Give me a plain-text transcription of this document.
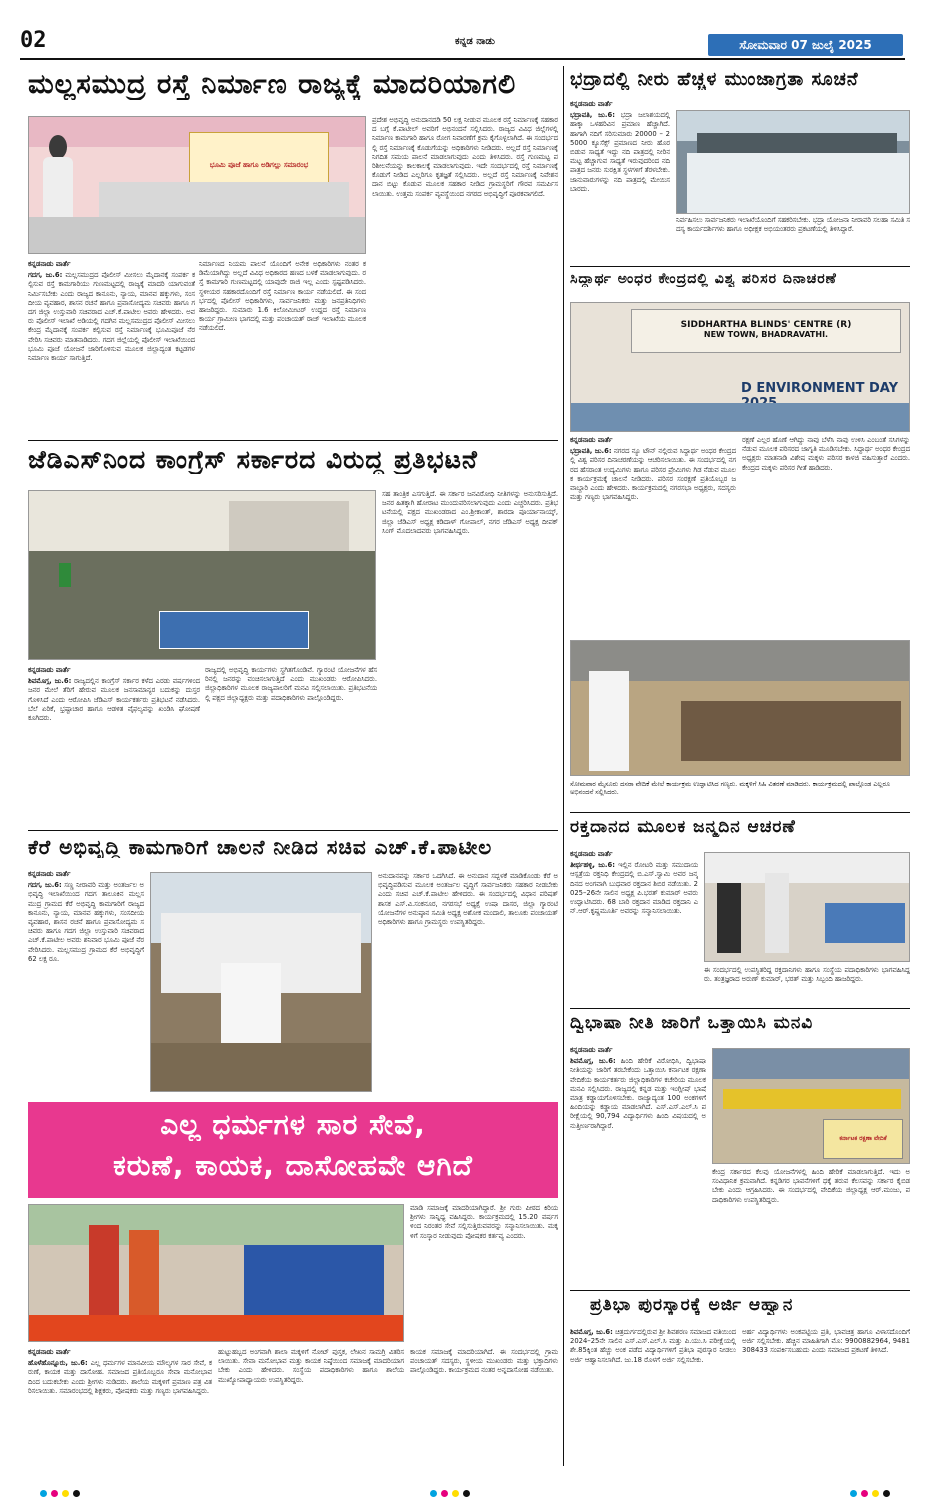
02	ಕನ್ನಡ ನಾಡು	ಸೋಮವಾರ 07 ಜುಲೈ 2025
ಮಲ್ಲಸಮುದ್ರ ರಸ್ತೆ ನಿರ್ಮಾಣ ರಾಜ್ಯಕ್ಕೆ ಮಾದರಿಯಾಗಲಿ
ಭೂಮಿ ಪೂಜೆ ಹಾಗೂ ಅಡಿಗಲ್ಲು ಸಮಾರಂಭ
ಕನ್ನಡನಾಡು ವಾರ್ತೆ
ಗದಗ, ಜು.6: ಮಲ್ಲಸಮುದ್ರದ ಪೊಲೀಸ್ ಮೀಸಲು ಮೈದಾನಕ್ಕೆ ಸಂಪರ್ಕ ಕಲ್ಪಿಸುವ ರಸ್ತೆ ಕಾಮಗಾರಿಯು ಗುಣಮಟ್ಟದಲ್ಲಿ ರಾಜ್ಯಕ್ಕೆ ಮಾದರಿ ಯಾಗುವಂತೆ ನಿರ್ಮಿಸಬೇಕು ಎಂದು ರಾಜ್ಯದ ಕಾನೂನು, ನ್ಯಾಯ, ಮಾನವ ಹಕ್ಕುಗಳು, ಸಂಸದೀಯ ವ್ಯವಹಾರ, ಶಾಸನ ರಚನೆ ಹಾಗೂ ಪ್ರವಾಸೋದ್ಯಮ ಸಚಿವರು ಹಾಗೂ ಗದಗ ಜಿಲ್ಲಾ ಉಸ್ತುವಾರಿ ಸಚಿವರಾದ ಎಚ್.ಕೆ.ಪಾಟೀಲ ಅವರು ಹೇಳಿದರು. ಅವರು ಪೊಲೀಸ್ ಇಲಾಖೆ ಅಡಿಯಲ್ಲಿ ಗದಗಿನ ಮಲ್ಲಸಮುದ್ರದ ಪೊಲೀಸ್ ಮೀಸಲು ಕೇಂದ್ರ ಮೈದಾನಕ್ಕೆ ಸಂಪರ್ಕ ಕಲ್ಪಿಸುವ ರಸ್ತೆ ನಿರ್ಮಾಣಕ್ಕೆ ಭೂಮಿಪೂಜೆ ನೆರವೇರಿಸಿ ಸಚಿವರು ಮಾತನಾಡಿದರು. ಗದಗ ಜಿಲ್ಲೆಯಲ್ಲಿ ಪೊಲೀಸ್ ಇಲಾಖೆಯಿಂದ ಭೂಮಿ ಪೂಜೆ ಯೋಜನೆ ಜಾರಿಗೊಳಿಸುವ ಮೂಲಕ ಜಿಲ್ಲಾದ್ಯಂತ ಕಟ್ಟಡಗಳ ನಿರ್ಮಾಣ ಕಾರ್ಯ ಸಾಗುತ್ತಿದೆ.
ನಿರ್ಮಾಣದ ನಿಯಮ ಪಾಲನೆ ಯೊಂದಿಗೆ ಅನೇಕ ಅಧಿಕಾರಿಗಳು ನಂತರ ಕಡಿಮೆಯಾಗಿದ್ದು ಅಲ್ಲದೆ ವಿವಿಧ ಅಧಿಕಾರದ ಹಣದ ಬಳಕೆ ಮಾಡಲಾಗುವುದು. ರಸ್ತೆ ಕಾಮಗಾರಿ ಗುಣಮಟ್ಟದಲ್ಲಿ ಯಾವುದೇ ರಾಜಿ ಇಲ್ಲ ಎಂದು ಸ್ಪಷ್ಟಪಡಿಸಿದರು. ಸ್ಥಳೀಯರ ಸಹಕಾರದೊಂದಿಗೆ ರಸ್ತೆ ನಿರ್ಮಾಣ ಕಾರ್ಯ ನಡೆಯಲಿದೆ. ಈ ಸಂದರ್ಭದಲ್ಲಿ ಪೊಲೀಸ್ ಅಧಿಕಾರಿಗಳು, ಸಾರ್ವಜನಿಕರು ಮತ್ತು ಜನಪ್ರತಿನಿಧಿಗಳು ಹಾಜರಿದ್ದರು. ಸುಮಾರು 1.6 ಕಿಲೋಮೀಟರ್ ಉದ್ದದ ರಸ್ತೆ ನಿರ್ಮಾಣ ಕಾರ್ಯ ಗ್ರಾಮೀಣ ಭಾಗದಲ್ಲಿ ಮತ್ತು ಪಂಚಾಯತ್ ರಾಜ್ ಇಲಾಖೆಯ ಮೂಲಕ ನಡೆಯಲಿದೆ.
ಪ್ರದೇಶ ಅಭಿವೃದ್ಧಿ ಅನುದಾನದಡಿ 50 ಲಕ್ಷ ನೀಡುವ ಮೂಲಕ ರಸ್ತೆ ನಿರ್ಮಾಣಕ್ಕೆ ಸಹಕಾರದ ಬಗ್ಗೆ ಕೆ.ಪಾಟೀಲ್ ಅವರಿಗೆ ಅಭಿನಂದನೆ ಸಲ್ಲಿಸಿದರು. ರಾಜ್ಯದ ವಿವಿಧ ಜಿಲ್ಲೆಗಳಲ್ಲಿ ನಿರ್ಮಾಣ ಕಾಮಗಾರಿ ಹಾಗೂ ರೋಗ ನಿವಾರಣೆಗೆ ಕ್ರಮ ಕೈಗೊಳ್ಳಲಾಗಿದೆ. ಈ ಸಂದರ್ಭದಲ್ಲಿ ರಸ್ತೆ ನಿರ್ಮಾಣಕ್ಕೆ ಕೊಡುಗೆಯನ್ನು ಅಧಿಕಾರಿಗಳು ನೀಡಿದರು. ಅಲ್ಲದೆ ರಸ್ತೆ ನಿರ್ಮಾಣಕ್ಕೆ ನಿಗದಿತ ಸಮಯ ಪಾಲನೆ ಮಾಡಲಾಗುವುದು ಎಂದು ತಿಳಿಸಿದರು. ರಸ್ತೆ ಗುಣಮಟ್ಟ ಪರಿಶೀಲನೆಯನ್ನು ಕಾಲಕಾಲಕ್ಕೆ ಮಾಡಲಾಗುವುದು. ಇದೇ ಸಂದರ್ಭದಲ್ಲಿ ರಸ್ತೆ ನಿರ್ಮಾಣಕ್ಕೆ ಕೊಡುಗೆ ನೀಡಿದ ಎಲ್ಲರಿಗೂ ಕೃತಜ್ಞತೆ ಸಲ್ಲಿಸಿದರು. ಅಲ್ಲದೆ ರಸ್ತೆ ನಿರ್ಮಾಣಕ್ಕೆ ನಿವೇಶನ ದಾನ ಬಿಟ್ಟು ಕೊಡುವ ಮೂಲಕ ಸಹಕಾರ ನೀಡಿದ ಗ್ರಾಮಸ್ಥರಿಗೆ ಗೌರವ ಸಮರ್ಪಿಸಲಾಯಿತು. ಉತ್ತಮ ಸಂಪರ್ಕ ವ್ಯವಸ್ಥೆಯಿಂದ ನಗರದ ಅಭಿವೃದ್ಧಿಗೆ ಪೂರಕವಾಗಲಿದೆ.
ಜೆಡಿಎಸ್‌ನಿಂದ ಕಾಂಗ್ರೆಸ್ ಸರ್ಕಾರದ ವಿರುದ್ಧ ಪ್ರತಿಭಟನೆ
ಕನ್ನಡನಾಡು ವಾರ್ತೆ
ಶಿವಮೊಗ್ಗ, ಜು.6: ರಾಜ್ಯದಲ್ಲಿನ ಕಾಂಗ್ರೆಸ್ ಸರ್ಕಾರ ಕಳೆದ ಎರಡು ವರ್ಷಗಳಿಂದ ಜನರ ಮೇಲೆ ತೆರಿಗೆ ಹೇರುವ ಮೂಲಕ ಜನಸಾಮಾನ್ಯರ ಬದುಕನ್ನು ದುಸ್ತರಗೊಳಿಸಿದೆ ಎಂದು ಆರೋಪಿಸಿ ಜೆಡಿಎಸ್ ಕಾರ್ಯಕರ್ತರು ಪ್ರತಿಭಟನೆ ನಡೆಸಿದರು. ಬೆಲೆ ಏರಿಕೆ, ಭ್ರಷ್ಟಾಚಾರ ಹಾಗೂ ಆಡಳಿತ ವೈಫಲ್ಯವನ್ನು ಖಂಡಿಸಿ ಘೋಷಣೆ ಕೂಗಿದರು.
ರಾಜ್ಯದಲ್ಲಿ ಅಭಿವೃದ್ಧಿ ಕಾರ್ಯಗಳು ಸ್ಥಗಿತಗೊಂಡಿವೆ. ಗ್ಯಾರಂಟಿ ಯೋಜನೆಗಳ ಹೆಸರಿನಲ್ಲಿ ಜನರನ್ನು ವಂಚಿಸಲಾಗುತ್ತಿದೆ ಎಂದು ಮುಖಂಡರು ಆರೋಪಿಸಿದರು. ಜಿಲ್ಲಾಧಿಕಾರಿಗಳ ಮೂಲಕ ರಾಜ್ಯಪಾಲರಿಗೆ ಮನವಿ ಸಲ್ಲಿಸಲಾಯಿತು. ಪ್ರತಿಭಟನೆಯಲ್ಲಿ ಪಕ್ಷದ ಜಿಲ್ಲಾಧ್ಯಕ್ಷರು ಮತ್ತು ಪದಾಧಿಕಾರಿಗಳು ಪಾಲ್ಗೊಂಡಿದ್ದರು.
ಸಹ ತಾಂತ್ರಿಕ ಎಸಗುತ್ತಿದೆ. ಈ ಸರ್ಕಾರ ಜನವಿರೋಧಿ ನೀತಿಗಳನ್ನು ಅನುಸರಿಸುತ್ತಿದೆ. ಜನರ ಹಿತಕ್ಕಾಗಿ ಹೋರಾಟ ಮುಂದುವರಿಸಲಾಗುವುದು ಎಂದು ಎಚ್ಚರಿಸಿದರು. ಪ್ರತಿಭಟನೆಯಲ್ಲಿ ಪಕ್ಷದ ಮುಖಂಡರಾದ ಎಂ.ಶ್ರೀಕಾಂತ್, ಶಾರದಾ ಪೂರ್ಯಾನಾಯ್ಕ್, ಜಿಲ್ಲಾ ಜೆಡಿಎಸ್ ಅಧ್ಯಕ್ಷ ಕಡಿದಾಳ್ ಗೋಪಾಲ್, ನಗರ ಜೆಡಿಎಸ್ ಅಧ್ಯಕ್ಷ ದೀಪಕ್ ಸಿಂಗ್ ಮೊದಲಾದವರು ಭಾಗವಹಿಸಿದ್ದರು.
ಕೆರೆ ಅಭಿವೃದ್ಧಿ ಕಾಮಗಾರಿಗೆ ಚಾಲನೆ ನೀಡಿದ ಸಚಿವ ಎಚ್.ಕೆ.ಪಾಟೀಲ
ಕನ್ನಡನಾಡು ವಾರ್ತೆ
ಗದಗ, ಜು.6: ಸಣ್ಣ ನೀರಾವರಿ ಮತ್ತು ಅಂತರ್ಜಲ ಅಭಿವೃದ್ಧಿ ಇಲಾಖೆಯಿಂದ ಗದಗ ತಾಲೂಕಿನ ಮಲ್ಲಸಮುದ್ರ ಗ್ರಾಮದ ಕೆರೆ ಅಭಿವೃದ್ಧಿ ಕಾಮಗಾರಿಗೆ ರಾಜ್ಯದ ಕಾನೂನು, ನ್ಯಾಯ, ಮಾನವ ಹಕ್ಕುಗಳು, ಸಂಸದೀಯ ವ್ಯವಹಾರ, ಶಾಸನ ರಚನೆ ಹಾಗೂ ಪ್ರವಾಸೋದ್ಯಮ ಸಚಿವರು ಹಾಗೂ ಗದಗ ಜಿಲ್ಲಾ ಉಸ್ತುವಾರಿ ಸಚಿವರಾದ ಎಚ್.ಕೆ.ಪಾಟೀಲ ಅವರು ಶನಿವಾರ ಭೂಮಿ ಪೂಜೆ ನೆರವೇರಿಸಿದರು. ಮಲ್ಲಸಮುದ್ರ ಗ್ರಾಮದ ಕೆರೆ ಅಭಿವೃದ್ಧಿಗೆ 62 ಲಕ್ಷ ರೂ.
ಅನುದಾನವನ್ನು ಸರ್ಕಾರ ಒದಗಿಸಿದೆ. ಈ ಅನುದಾನ ಸದ್ಬಳಕೆ ಮಾಡಿಕೊಂಡು ಕೆರೆ ಅಭಿವೃದ್ಧಿಪಡಿಸುವ ಮೂಲಕ ಅಂತರ್ಜಲ ವೃದ್ಧಿಗೆ ಸಾರ್ವಜನಿಕರು ಸಹಕಾರ ನೀಡಬೇಕು ಎಂದು ಸಚಿವ ಎಚ್.ಕೆ.ಪಾಟೀಲ ಹೇಳಿದರು. ಈ ಸಂದರ್ಭದಲ್ಲಿ ವಿಧಾನ ಪರಿಷತ್ ಶಾಸಕ ಎಸ್.ವಿ.ಸಂಕನೂರ, ನಗರಸಭೆ ಅಧ್ಯಕ್ಷೆ ಉಷಾ ದಾಸರ, ಜಿಲ್ಲಾ ಗ್ಯಾರಂಟಿ ಯೋಜನೆಗಳ ಅನುಷ್ಠಾನ ಸಮಿತಿ ಅಧ್ಯಕ್ಷ ಅಶೋಕ ಮಂದಾಲಿ, ತಾಲೂಕು ಪಂಚಾಯತ್ ಅಧಿಕಾರಿಗಳು ಹಾಗೂ ಗ್ರಾಮಸ್ಥರು ಉಪಸ್ಥಿತರಿದ್ದರು.
ಎಲ್ಲ ಧರ್ಮಗಳ ಸಾರ ಸೇವೆ,
ಕರುಣೆ, ಕಾಯಕ, ದಾಸೋಹವೇ ಆಗಿದೆ
ಕನ್ನಡನಾಡು ವಾರ್ತೆ
ಹೊಳೆಹೊನ್ನೂರು, ಜು.6: ಎಲ್ಲ ಧರ್ಮಗಳ ಮಾನವೀಯ ಮೌಲ್ಯಗಳ ಸಾರ ಸೇವೆ, ಕರುಣೆ, ಕಾಯಕ ಮತ್ತು ದಾಸೋಹ. ಸಮಾಜದ ಪ್ರತಿಯೊಬ್ಬರೂ ಸೇವಾ ಮನೋಭಾವದಿಂದ ಬದುಕಬೇಕು ಎಂದು ಶ್ರೀಗಳು ನುಡಿದರು. ಶಾಲೆಯ ಮಕ್ಕಳಿಗೆ ಪ್ರಮಾಣ ಪತ್ರ ವಿತರಿಸಲಾಯಿತು. ಸಮಾರಂಭದಲ್ಲಿ ಶಿಕ್ಷಕರು, ಪೋಷಕರು ಮತ್ತು ಗಣ್ಯರು ಭಾಗವಹಿಸಿದ್ದರು.
ಹುಟ್ಟುಹಬ್ಬದ ಅಂಗವಾಗಿ ಶಾಲಾ ಮಕ್ಕಳಿಗೆ ನೋಟ್ ಪುಸ್ತಕ, ಲೇಖನ ಸಾಮಗ್ರಿ ವಿತರಿಸಲಾಯಿತು. ಸೇವಾ ಮನೋಭಾವ ಮತ್ತು ಕಾಯಕ ನಿಷ್ಠೆಯಿಂದ ಸಮಾಜಕ್ಕೆ ಮಾದರಿಯಾಗಬೇಕು ಎಂದು ಹೇಳಿದರು. ಸಂಸ್ಥೆಯ ಪದಾಧಿಕಾರಿಗಳು ಹಾಗೂ ಶಾಲೆಯ ಮುಖ್ಯೋಪಾಧ್ಯಾಯರು ಉಪಸ್ಥಿತರಿದ್ದರು.
ಮಾಡಿ ಸಮಾಜಕ್ಕೆ ಮಾದರಿಯಾಗಿದ್ದಾರೆ. ಶ್ರೀ ಗುರು ಪೀಠದ ಕಿರಿಯ ಶ್ರೀಗಳು ಸಾನ್ನಿಧ್ಯ ವಹಿಸಿದ್ದರು. ಕಾರ್ಯಕ್ರಮದಲ್ಲಿ 15.20 ವರ್ಷಗಳಿಂದ ನಿರಂತರ ಸೇವೆ ಸಲ್ಲಿಸುತ್ತಿರುವವರನ್ನು ಸನ್ಮಾನಿಸಲಾಯಿತು. ಮಕ್ಕಳಿಗೆ ಸಂಸ್ಕಾರ ನೀಡುವುದು ಪೋಷಕರ ಕರ್ತವ್ಯ ಎಂದರು.
ಕಾಯಕ ಸಮಾಜಕ್ಕೆ ಮಾದರಿಯಾಗಿದೆ. ಈ ಸಂದರ್ಭದಲ್ಲಿ ಗ್ರಾಮ ಪಂಚಾಯತ್ ಸದಸ್ಯರು, ಸ್ಥಳೀಯ ಮುಖಂಡರು ಮತ್ತು ಭಕ್ತಾದಿಗಳು ಪಾಲ್ಗೊಂಡಿದ್ದರು. ಕಾರ್ಯಕ್ರಮದ ನಂತರ ಅನ್ನದಾಸೋಹ ನಡೆಯಿತು.
ಭದ್ರಾದಲ್ಲಿ ನೀರು ಹೆಚ್ಚಳ ಮುಂಜಾಗ್ರತಾ ಸೂಚನೆ
ಕನ್ನಡನಾಡು ವಾರ್ತೆ
ಭದ್ರಾವತಿ, ಜು.6: ಭದ್ರಾ ಜಲಾಶಯದಲ್ಲಿ ಹಾಕ್ಕಾ ಒಳಹರಿವಿನ ಪ್ರಮಾಣ ಹೆಚ್ಚಾಗಿದೆ. ಹಾಗಾಗಿ ನದಿಗೆ ಸರಿಸುಮಾರು 20000 – 25000 ಕ್ಯೂಸೆಕ್ಸ್ ಪ್ರಮಾಣದ ನೀರು ಹೊರಬಿಡುವ ಸಾಧ್ಯತೆ ಇದ್ದು ನದಿ ಪಾತ್ರದಲ್ಲಿ ನೀರಿನ ಮಟ್ಟ ಹೆಚ್ಚಾಗುವ ಸಾಧ್ಯತೆ ಇರುವುದರಿಂದ ನದಿ ಪಾತ್ರದ ಜನರು ಸುರಕ್ಷಿತ ಸ್ಥಳಗಳಿಗೆ ತೆರಳಬೇಕು. ಜಾನುವಾರುಗಳನ್ನು ನದಿ ಪಾತ್ರದಲ್ಲಿ ಮೇಯಿಸಬಾರದು.
ನಿರ್ವಹಿಸಲು ಸಾರ್ವಜನಿಕರು ಇಲಾಖೆಯೊಂದಿಗೆ ಸಹಕರಿಸಬೇಕು. ಭದ್ರಾ ಯೋಜನಾ ನೀರಾವರಿ ಸಲಹಾ ಸಮಿತಿ ಸದಸ್ಯ ಕಾರ್ಯದರ್ಶಿಗಳು ಹಾಗೂ ಅಧೀಕ್ಷಕ ಅಭಿಯಂತರರು ಪ್ರಕಟಣೆಯಲ್ಲಿ ತಿಳಿಸಿದ್ದಾರೆ.
ಸಿದ್ಧಾರ್ಥ ಅಂಧರ ಕೇಂದ್ರದಲ್ಲಿ ವಿಶ್ವ ಪರಿಸರ ದಿನಾಚರಣೆ
SIDDHARTHA BLINDS' CENTRE (R)
NEW TOWN, BHADRAVATHI.
D ENVIRONMENT DAY
ಕನ್ನಡನಾಡು ವಾರ್ತೆ
ಭದ್ರಾವತಿ, ಜು.6: ನಗರದ ನ್ಯೂ ಟೌನ್ ನಲ್ಲಿರುವ ಸಿದ್ಧಾರ್ಥ ಅಂಧರ ಕೇಂದ್ರದಲ್ಲಿ ವಿಶ್ವ ಪರಿಸರ ದಿನಾಚರಣೆಯನ್ನು ಆಚರಿಸಲಾಯಿತು. ಈ ಸಂದರ್ಭದಲ್ಲಿ ನಗರದ ಹೆಸರಾಂತ ಉದ್ಯಮಿಗಳು ಹಾಗೂ ಪರಿಸರ ಪ್ರೇಮಿಗಳು ಗಿಡ ನೆಡುವ ಮೂಲಕ ಕಾರ್ಯಕ್ರಮಕ್ಕೆ ಚಾಲನೆ ನೀಡಿದರು. ಪರಿಸರ ಸಂರಕ್ಷಣೆ ಪ್ರತಿಯೊಬ್ಬರ ಜವಾಬ್ದಾರಿ ಎಂದು ಹೇಳಿದರು. ಕಾರ್ಯಕ್ರಮದಲ್ಲಿ ನಗರಸಭಾ ಅಧ್ಯಕ್ಷರು, ಸದಸ್ಯರು ಮತ್ತು ಗಣ್ಯರು ಭಾಗವಹಿಸಿದ್ದರು.
ರಕ್ಷಣೆ ಎಲ್ಲರ ಹೊಣೆ ಆಗಿದ್ದು ನಾವು ಬೆಳೆಸಿ ನಾವು ಉಳಿಸಿ ಎಂಬಂತೆ ಸಸಿಗಳನ್ನು ನೆಡುವ ಮೂಲಕ ಪರಿಸರದ ಜಾಗೃತಿ ಮೂಡಿಸಬೇಕು. ಸಿದ್ಧಾರ್ಥ ಅಂಧರ ಕೇಂದ್ರದ ಅಧ್ಯಕ್ಷರು ಮಾತನಾಡಿ ವಿಶೇಷ ಮಕ್ಕಳು ಪರಿಸರ ಕಾಳಜಿ ವಹಿಸುತ್ತಾರೆ ಎಂದರು. ಕೇಂದ್ರದ ಮಕ್ಕಳು ಪರಿಸರ ಗೀತೆ ಹಾಡಿದರು.
ಸೋಮವಾರ ಮೈಸೂರು ದಸರಾ ವೇದಿಕೆ ಮೇಲೆ ಕಾರ್ಯಕ್ರಮ ಉದ್ಘಾಟಿಸಿದ ಗಣ್ಯರು. ಮಕ್ಕಳಿಗೆ ಸಿಹಿ ವಿತರಣೆ ಮಾಡಿದರು. ಕಾರ್ಯಕ್ರಮದಲ್ಲಿ ಪಾಲ್ಗೊಂಡ ಎಲ್ಲರೂ ಅಭಿನಂದನೆ ಸಲ್ಲಿಸಿದರು.
ರಕ್ತದಾನದ ಮೂಲಕ ಜನ್ಮದಿನ ಆಚರಣೆ
ಕನ್ನಡನಾಡು ವಾರ್ತೆ
ತೀರ್ಥಹಳ್ಳಿ, ಜು.6: ಇಲ್ಲಿನ ರೋಟರಿ ಮತ್ತು ಸಮುದಾಯ ಆಸ್ಪತ್ರೆಯ ರಕ್ತನಿಧಿ ಕೇಂದ್ರದಲ್ಲಿ ಬಿ.ಎಸ್.ಸ್ವಾಮಿ ಅವರ ಜನ್ಮದಿನದ ಅಂಗವಾಗಿ ಬುಧವಾರ ರಕ್ತದಾನ ಶಿಬಿರ ನಡೆಯಿತು. 2025–26ನೇ ಸಾಲಿನ ಅಧ್ಯಕ್ಷ ಪಿ.ಭರತ್ ಕುಮಾರ್ ಅವರು ಉದ್ಘಾಟಿಸಿದರು. 68 ಬಾರಿ ರಕ್ತದಾನ ಮಾಡಿದ ರಕ್ತದಾನಿ ಎನ್.ಆರ್.ಕೃಷ್ಣಮೂರ್ತಿ ಅವರನ್ನು ಸನ್ಮಾನಿಸಲಾಯಿತು.
ಈ ಸಂದರ್ಭದಲ್ಲಿ ಉಪಸ್ಥಿತರಿದ್ದ ರಕ್ತದಾನಿಗಳು ಹಾಗೂ ಸಂಸ್ಥೆಯ ಪದಾಧಿಕಾರಿಗಳು ಭಾಗವಹಿಸಿದ್ದರು. ತಂತ್ರಜ್ಞರಾದ ಅರುಣ್ ಕುಮಾರ್, ಭರತ್ ಮತ್ತು ಸಿಬ್ಬಂದಿ ಹಾಜರಿದ್ದರು.
ದ್ವಿಭಾಷಾ ನೀತಿ ಜಾರಿಗೆ ಒತ್ತಾಯಿಸಿ ಮನವಿ
ಕನ್ನಡನಾಡು ವಾರ್ತೆ
ಶಿವಮೊಗ್ಗ, ಜು.6: ಹಿಂದಿ ಹೇರಿಕೆ ವಿರೋಧಿಸಿ, ದ್ವಿಭಾಷಾ ನೀತಿಯನ್ನು ಜಾರಿಗೆ ತರಬೇಕೆಂದು ಒತ್ತಾಯಿಸಿ ಕರ್ನಾಟಕ ರಕ್ಷಣಾ ವೇದಿಕೆಯ ಕಾರ್ಯಕರ್ತರು ಜಿಲ್ಲಾಧಿಕಾರಿಗಳ ಕಚೇರಿಯ ಮೂಲಕ ಮನವಿ ಸಲ್ಲಿಸಿದರು. ರಾಜ್ಯದಲ್ಲಿ ಕನ್ನಡ ಮತ್ತು ಇಂಗ್ಲೀಷ್ ಭಾಷೆ ಮಾತ್ರ ಕಡ್ಡಾಯಗೊಳಿಸಬೇಕು. ರಾಜ್ಯಾದ್ಯಂತ 100 ಅಂಕಗಳಿಗೆ ಹಿಂದಿಯನ್ನು ಕಡ್ಡಾಯ ಮಾಡಲಾಗಿದೆ. ಎಸ್.ಎಸ್.ಎಲ್.ಸಿ ಪರೀಕ್ಷೆಯಲ್ಲಿ 90,794 ವಿದ್ಯಾರ್ಥಿಗಳು ಹಿಂದಿ ವಿಷಯದಲ್ಲಿ ಅನುತ್ತೀರ್ಣರಾಗಿದ್ದಾರೆ.
ಕರ್ನಾಟಕ ರಕ್ಷಣಾ ವೇದಿಕೆ
ಕೇಂದ್ರ ಸರ್ಕಾರದ ಕೆಲವು ಯೋಜನೆಗಳಲ್ಲಿ ಹಿಂದಿ ಹೇರಿಕೆ ಮಾಡಲಾಗುತ್ತಿದೆ. ಇದು ಅಸಂವಿಧಾನಿಕ ಕ್ರಮವಾಗಿದೆ. ಕನ್ನಡಿಗರ ಭಾವನೆಗಳಿಗೆ ಧಕ್ಕೆ ತರುವ ಕೆಲಸವನ್ನು ಸರ್ಕಾರ ಕೈಬಿಡಬೇಕು ಎಂದು ಆಗ್ರಹಿಸಿದರು. ಈ ಸಂದರ್ಭದಲ್ಲಿ ವೇದಿಕೆಯ ಜಿಲ್ಲಾಧ್ಯಕ್ಷ ಆರ್.ಮಂಜು, ಪದಾಧಿಕಾರಿಗಳು ಉಪಸ್ಥಿತರಿದ್ದರು.
ಪ್ರತಿಭಾ ಪುರಸ್ಕಾರಕ್ಕೆ ಅರ್ಜಿ ಆಹ್ವಾನ
ಶಿವಮೊಗ್ಗ, ಜು.6: ಚಿತ್ರದುರ್ಗದಲ್ಲಿರುವ ಶ್ರೀ ಶಿವಶರಣ ಸಮಾಜದ ವತಿಯಿಂದ 2024–25ನೇ ಸಾಲಿನ ಎಸ್.ಎಸ್.ಎಲ್.ಸಿ ಮತ್ತು ಪಿ.ಯು.ಸಿ ಪರೀಕ್ಷೆಯಲ್ಲಿ ಶೇ.85ಕ್ಕಿಂತ ಹೆಚ್ಚು ಅಂಕ ಪಡೆದ ವಿದ್ಯಾರ್ಥಿಗಳಿಗೆ ಪ್ರತಿಭಾ ಪುರಸ್ಕಾರ ನೀಡಲು ಅರ್ಜಿ ಆಹ್ವಾನಿಸಲಾಗಿದೆ. ಜು.18 ರೊಳಗೆ ಅರ್ಜಿ ಸಲ್ಲಿಸಬೇಕು.
ಅರ್ಹ ವಿದ್ಯಾರ್ಥಿಗಳು ಅಂಕಪಟ್ಟಿಯ ಪ್ರತಿ, ಭಾವಚಿತ್ರ ಹಾಗೂ ವಿಳಾಸದೊಂದಿಗೆ ಅರ್ಜಿ ಸಲ್ಲಿಸಬೇಕು. ಹೆಚ್ಚಿನ ಮಾಹಿತಿಗಾಗಿ ಮೊ: 9900882964, 9481308433 ಸಂಪರ್ಕಿಸಬಹುದು ಎಂದು ಸಮಾಜದ ಪ್ರಕಟಣೆ ತಿಳಿಸಿದೆ.
